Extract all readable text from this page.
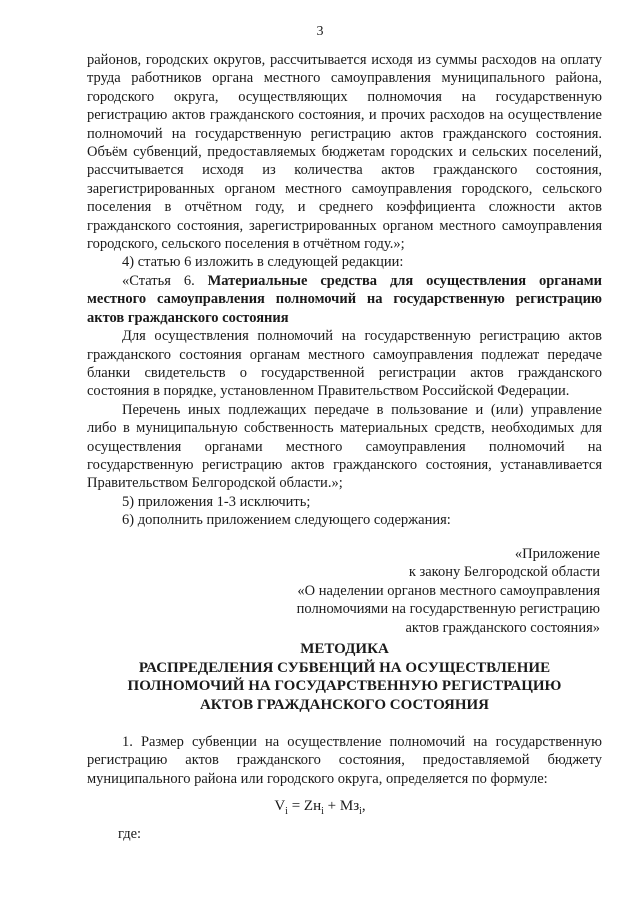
3

районов, городских округов, рассчитывается исходя из суммы расходов на оплату труда работников органа местного самоуправления муниципального района, городского округа, осуществляющих полномочия на государственную регистрацию актов гражданского состояния, и прочих расходов на осуществление полномочий на государственную регистрацию актов гражданского состояния. Объём субвенций, предоставляемых бюджетам городских и сельских поселений, рассчитывается исходя из количества актов гражданского состояния, зарегистрированных органом местного самоуправления городского, сельского поселения в отчётном году, и среднего коэффициента сложности актов гражданского состояния, зарегистрированных органом местного самоуправления городского, сельского поселения в отчётном году.»;

4) статью 6 изложить в следующей редакции:

«Статья 6. Материальные средства для осуществления органами местного самоуправления полномочий на государственную регистрацию актов гражданского состояния

Для осуществления полномочий на государственную регистрацию актов гражданского состояния органам местного самоуправления подлежат передаче бланки свидетельств о государственной регистрации актов гражданского состояния в порядке, установленном Правительством Российской Федерации.

Перечень иных подлежащих передаче в пользование и (или) управление либо в муниципальную собственность материальных средств, необходимых для осуществления органами местного самоуправления полномочий на государственную регистрацию актов гражданского состояния, устанавливается Правительством Белгородской области.»;

5) приложения 1-3 исключить;

6) дополнить приложением следующего содержания:

«Приложение
к закону Белгородской области
«О наделении органов местного самоуправления
полномочиями на государственную регистрацию
актов гражданского состояния»
МЕТОДИКА
РАСПРЕДЕЛЕНИЯ СУБВЕНЦИЙ НА ОСУЩЕСТВЛЕНИЕ
ПОЛНОМОЧИЙ НА ГОСУДАРСТВЕННУЮ РЕГИСТРАЦИЮ
АКТОВ ГРАЖДАНСКОГО СОСТОЯНИЯ

1. Размер субвенции на осуществление полномочий на государственную регистрацию актов гражданского состояния, предоставляемой бюджету муниципального района или городского округа, определяется по формуле:

$V_i = Zн_i + Мз_i$,
где:
